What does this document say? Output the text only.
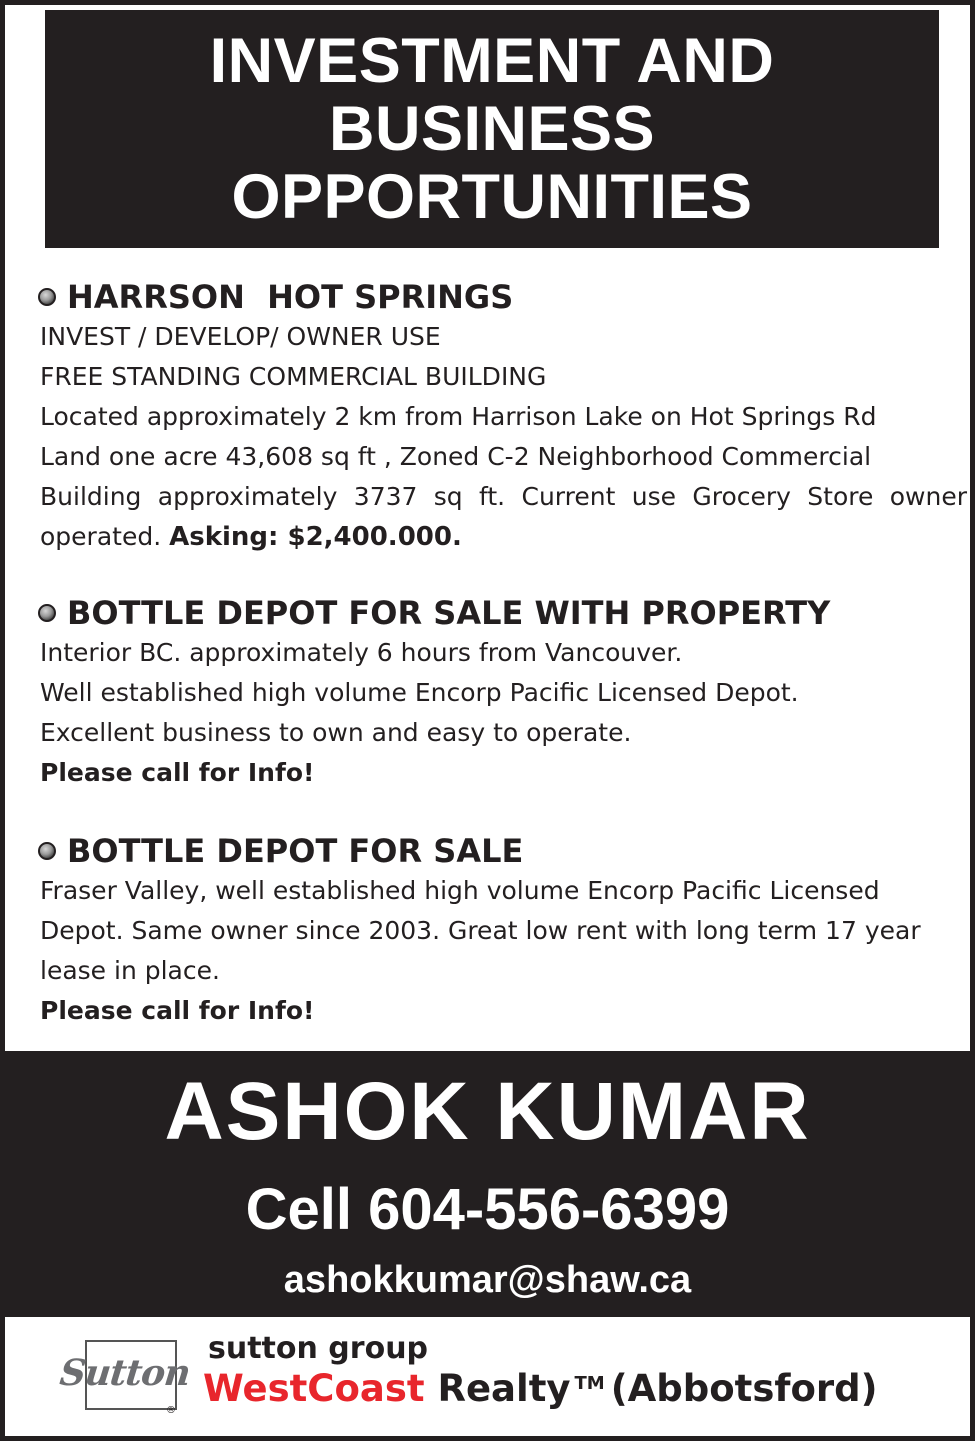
INVESTMENT AND
BUSINESS
OPPORTUNITIES
HARRSON  HOT SPRINGS
INVEST / DEVELOP/ OWNER USE
FREE STANDING COMMERCIAL BUILDING
Located approximately 2 km from Harrison Lake on Hot Springs Rd
Land one acre 43,608 sq ft , Zoned C-2 Neighborhood Commercial
Building approximately 3737 sq ft. Current use Grocery Store owner
operated. Asking: $2,400.000.
BOTTLE DEPOT FOR SALE WITH PROPERTY
Interior BC. approximately 6 hours from Vancouver.
Well established high volume Encorp Pacific Licensed Depot.
Excellent business to own and easy to operate.
Please call for Info!
BOTTLE DEPOT FOR SALE
Fraser Valley, well established high volume Encorp Pacific Licensed
Depot. Same owner since 2003. Great low rent with long term 17 year
lease in place.
Please call for Info!
ASHOK KUMAR
Cell 604-556-6399
ashokkumar@shaw.ca
Sutton
®
sutton group
WestCoast Realty ™ (Abbotsford)
